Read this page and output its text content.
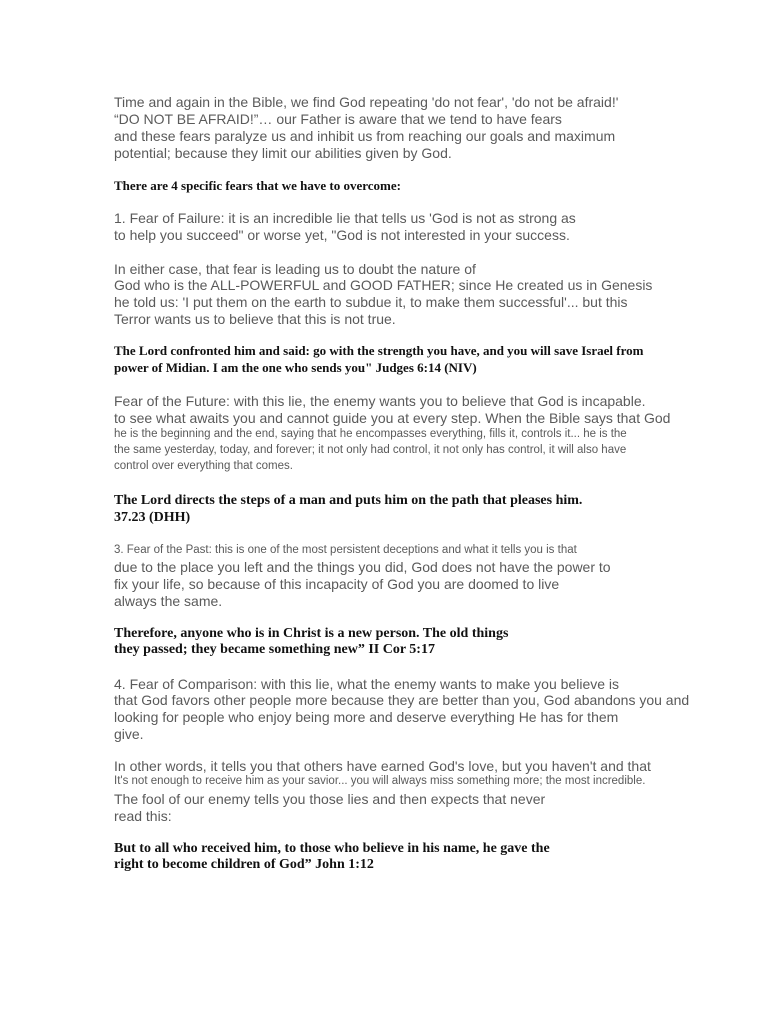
Time and again in the Bible, we find God repeating 'do not fear', 'do not be afraid!'

“DO NOT BE AFRAID!”… our Father is aware that we tend to have fears

and these fears paralyze us and inhibit us from reaching our goals and maximum

potential; because they limit our abilities given by God.

There are 4 specific fears that we have to overcome:

1. Fear of Failure: it is an incredible lie that tells us 'God is not as strong as

to help you succeed" or worse yet, "God is not interested in your success.

In either case, that fear is leading us to doubt the nature of

God who is the ALL-POWERFUL and GOOD FATHER; since He created us in Genesis

he told us: 'I put them on the earth to subdue it, to make them successful'... but this

Terror wants us to believe that this is not true.

The Lord confronted him and said: go with the strength you have, and you will save Israel from

power of Midian. I am the one who sends you" Judges 6:14 (NIV)

Fear of the Future: with this lie, the enemy wants you to believe that God is incapable.

to see what awaits you and cannot guide you at every step. When the Bible says that God

he is the beginning and the end, saying that he encompasses everything, fills it, controls it... he is the

the same yesterday, today, and forever; it not only had control, it not only has control, it will also have

control over everything that comes.

The Lord directs the steps of a man and puts him on the path that pleases him.

37.23 (DHH)

3. Fear of the Past: this is one of the most persistent deceptions and what it tells you is that

due to the place you left and the things you did, God does not have the power to

fix your life, so because of this incapacity of God you are doomed to live

always the same.

Therefore, anyone who is in Christ is a new person. The old things

they passed; they became something new” II Cor 5:17

4. Fear of Comparison: with this lie, what the enemy wants to make you believe is

that God favors other people more because they are better than you, God abandons you and

looking for people who enjoy being more and deserve everything He has for them

give.

In other words, it tells you that others have earned God's love, but you haven't and that

It's not enough to receive him as your savior... you will always miss something more; the most incredible.

The fool of our enemy tells you those lies and then expects that never

read this:

But to all who received him, to those who believe in his name, he gave the

right to become children of God” John 1:12
